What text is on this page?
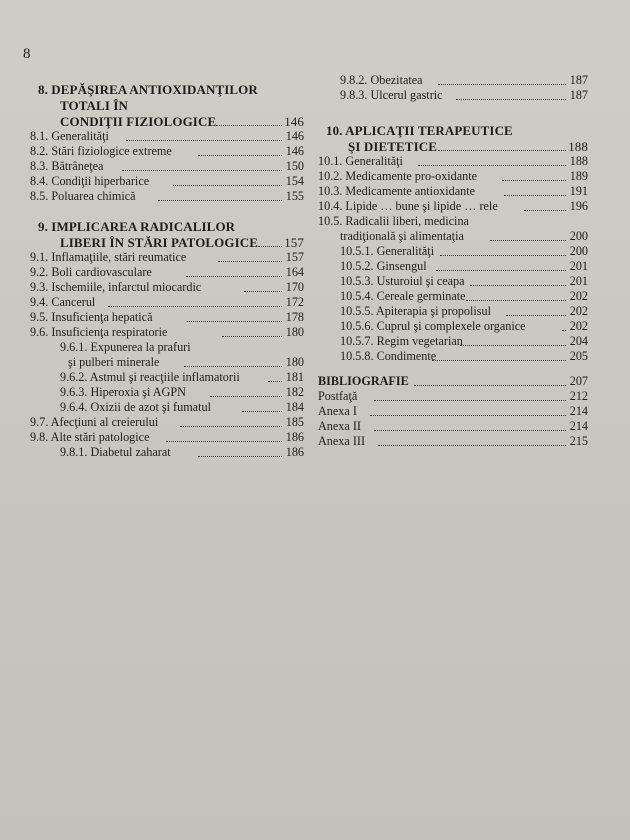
8
8. DEPĂŞIREA ANTIOXIDANŢILOR
TOTALI ÎN
CONDIŢII FIZIOLOGICE	146
8.1. Generalităţi	146
8.2. Stări fiziologice extreme	146
8.3. Bătrâneţea	150
8.4. Condiţii hiperbarice	154
8.5. Poluarea chimică	155
9. IMPLICAREA RADICALILOR
LIBERI ÎN STĂRI PATOLOGICE 157
9.1. Inflamaţiile, stări reumatice	157
9.2. Boli cardiovasculare	164
9.3. Ischemiile, infarctul miocardic	170
9.4. Cancerul	172
9.5. Insuficienţa hepatică	178
9.6. Insuficienţa respiratorie	180
9.6.1. Expunerea la prafuri
şi pulberi minerale	180
9.6.2. Astmul şi reacţiile inflamatorii	181
9.6.3. Hiperoxia şi AGPN	182
9.6.4. Oxizii de azot şi fumatul	184
9.7. Afecţiuni al creierului	185
9.8. Alte stări patologice	186
9.8.1. Diabetul zaharat	186
9.8.2. Obezitatea	187
9.8.3. Ulcerul gastric	187
10. APLICAŢII TERAPEUTICE
ŞI DIETETICE	188
10.1. Generalităţi	188
10.2. Medicamente pro-oxidante	189
10.3. Medicamente antioxidante	191
10.4. Lipide … bune şi lipide … rele	196
10.5. Radicalii liberi, medicina
tradiţională şi alimentaţia	200
10.5.1. Generalităţi	200
10.5.2. Ginsengul	201
10.5.3. Usturoiul şi ceapa	201
10.5.4. Cereale germinate	202
10.5.5. Apiterapia şi propolisul	202
10.5.6. Cuprul şi complexele organice	202
10.5.7. Regim vegetarian	204
10.5.8. Condimente	205
BIBLIOGRAFIE	207
Postfaţă	212
Anexa I	214
Anexa II	214
Anexa III	215
